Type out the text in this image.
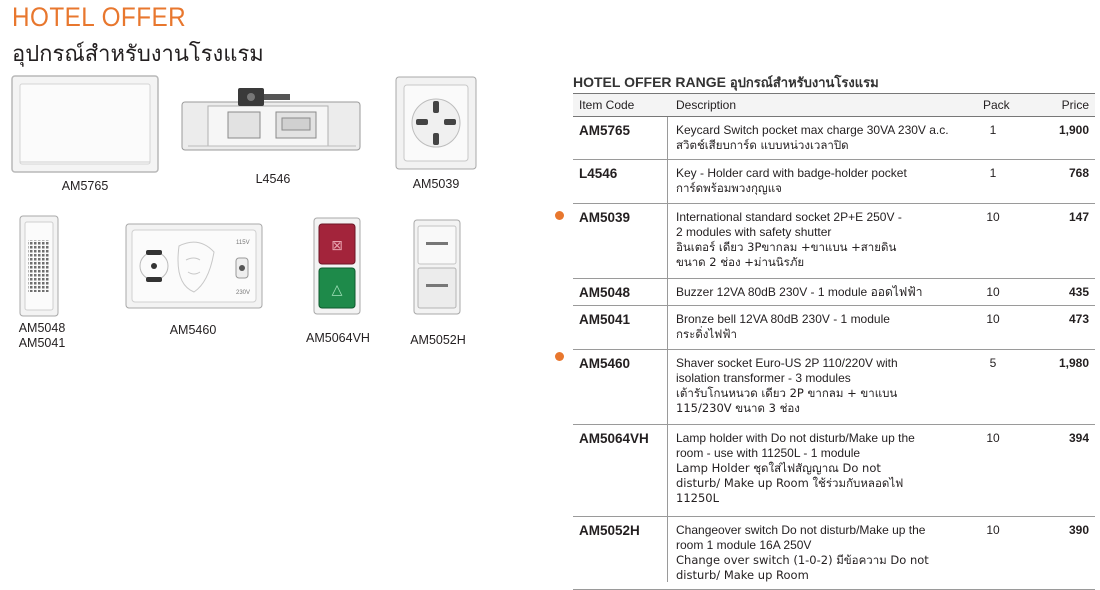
HOTEL OFFER
อุปกรณ์สำหรับงานโรงแรม
AM5765	L4546	AM5039
AM5048
AM5041
115V
230V
AM5460
⊠
△
AM5064VH	AM5052H
HOTEL OFFER RANGE อุปกรณ์สำหรับงานโรงแรม
Item Code	Description	Pack	Price
AM5765	Keycard Switch pocket max charge 30VA 230V a.c.
สวิตช์เสียบการ์ด แบบหน่วงเวลาปิด
1	1,900
L4546	Key - Holder card with badge-holder pocket
การ์ดพร้อมพวงกุญแจ
1	768
AM5039	International standard socket 2P+E 250V -
2 modules with safety shutter
อินเตอร์ เดียว 3Pขากลม +ขาแบน +สายดิน
ขนาด 2 ช่อง +ม่านนิรภัย
10	147
AM5048	Buzzer 12VA 80dB 230V - 1 module ออดไฟฟ้า	10	435
AM5041	Bronze bell 12VA 80dB 230V - 1 module
กระดิ่งไฟฟ้า
10	473
AM5460	Shaver socket Euro-US 2P 110/220V with
isolation transformer - 3 modules
เต้ารับโกนหนวด เดียว 2P ขากลม + ขาแบน
115/230V ขนาด 3 ช่อง
5	1,980
AM5064VH Lamp holder with Do not disturb/Make up the
room - use with 11250L - 1 module
Lamp Holder ชุดใส่ไฟสัญญาณ Do not
disturb/ Make up Room ใช้ร่วมกับหลอดไฟ
11250L
10	394
AM5052H	Changeover switch Do not disturb/Make up the
room 1 module 16A 250V
Change over switch (1-0-2) มีข้อความ Do not
disturb/ Make up Room
10	390
